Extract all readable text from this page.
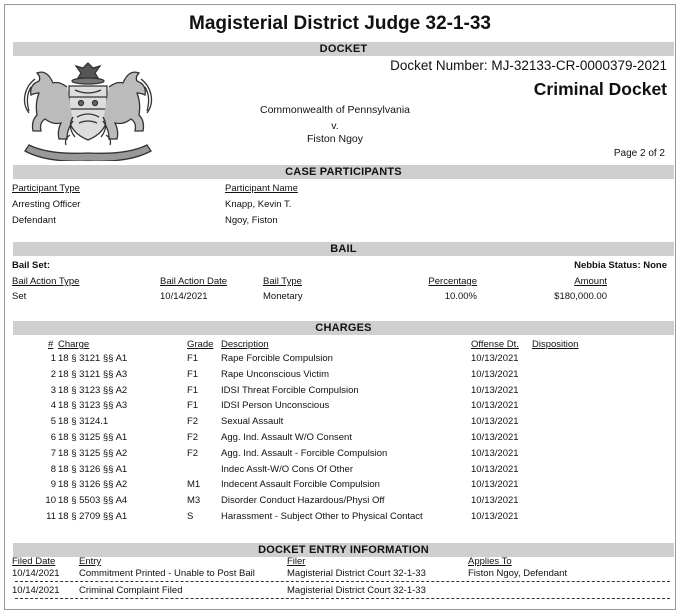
Magisterial District Judge 32-1-33
DOCKET
Docket Number: MJ-32133-CR-0000379-2021
Criminal Docket
Commonwealth of Pennsylvania
v.
Fiston Ngoy
Page 2 of 2
CASE PARTICIPANTS
Participant Type	Participant Name
Arresting Officer	Knapp, Kevin T.
Defendant	Ngoy, Fiston
BAIL
Bail Set:	Nebbia Status: None
Bail Action Type	Bail Action Date	Bail Type	Percentage	Amount
Set	10/14/2021	Monetary	10.00%	$180,000.00
CHARGES
# Charge	Grade Description	Offense Dt. Disposition
1 18 § 3121 §§ A1	F1 Rape Forcible Compulsion	10/13/2021
2 18 § 3121 §§ A3	F1 Rape Unconscious Victim	10/13/2021
3 18 § 3123 §§ A2	F1 IDSI Threat Forcible Compulsion	10/13/2021
4 18 § 3123 §§ A3	F1 IDSI Person Unconscious	10/13/2021
5 18 § 3124.1	F2 Sexual Assault	10/13/2021
6 18 § 3125 §§ A1	F2 Agg. Ind. Assault W/O Consent	10/13/2021
7 18 § 3125 §§ A2	F2 Agg. Ind. Assault - Forcible Compulsion	10/13/2021
8 18 § 3126 §§ A1	Indec Asslt-W/O Cons Of Other	10/13/2021
9 18 § 3126 §§ A2	M1 Indecent Assault Forcible Compulsion	10/13/2021
10 18 § 5503 §§ A4	M3 Disorder Conduct Hazardous/Physi Off	10/13/2021
11 18 § 2709 §§ A1	S	Harassment - Subject Other to Physical Contact	10/13/2021
DOCKET ENTRY INFORMATION
Filed Date Entry	Filer	Applies To
10/14/2021 Commitment Printed - Unable to Post Bail	Magisterial District Court 32-1-33	Fiston Ngoy, Defendant
10/14/2021 Criminal Complaint Filed	Magisterial District Court 32-1-33
